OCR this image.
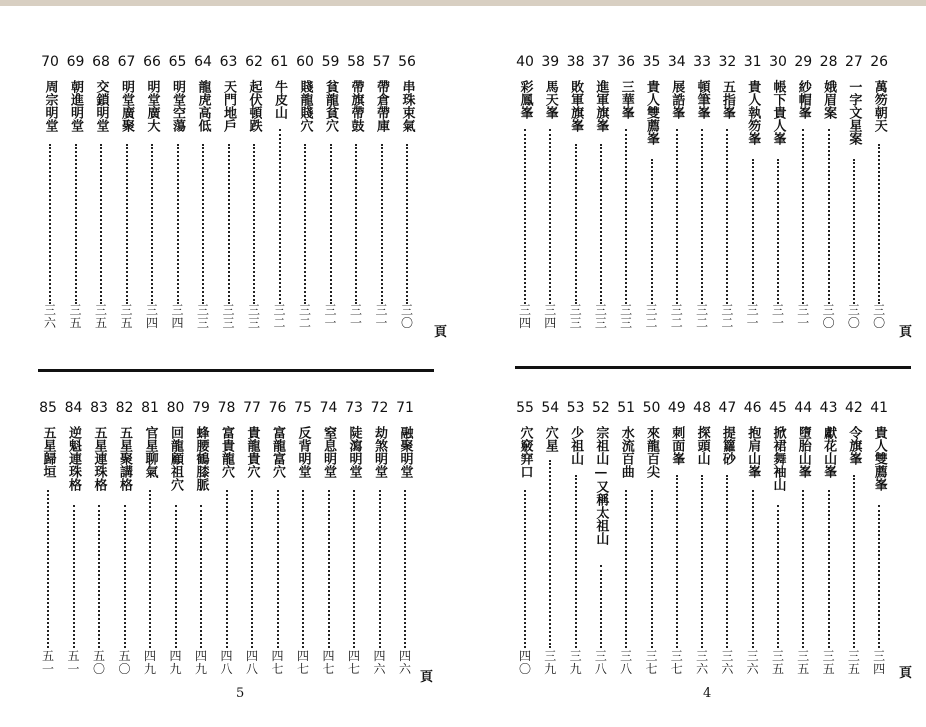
70
周宗明堂
三
六
69
朝進明堂
三
五
68
交鎖明堂
三
五
67
明堂廣聚
三
五
66
明堂廣大
三
四
65
明堂空蕩
三
四
64
龍虎高低
三
三
63
天門地戶
三
三
62
起伏頓跌
三
三
61
牛皮山
三
二
60
賤龍賤穴
三
二
59
貧龍貧穴
三
一
58
帶旗帶鼓
三
一
57
帶倉帶庫
三
一
56
串珠束氣
三
〇
頁
85
五星歸垣
五
一
84
逆魁連珠格
五
一
83
五星連珠格
五
〇
82
五星聚講格
五
〇
81
官星聊氣
四
九
80
回龍顧祖穴
四
九
79
蜂腰鶴膝脈
四
九
78
富貴龍穴
四
八
77
貴龍貴穴
四
八
76
富龍富穴
四
七
75
反背明堂
四
七
74
窒息明堂
四
七
73
陡瀉明堂
四
七
72
劫煞明堂
四
六
71
融聚明堂
四
六
頁
5
40
彩鳳峯
三
四
39
馬天峯
三
四
38
敗軍旗峯
三
三
37
進軍旗峯
三
三
36
三華峯
三
三
35
貴人雙薦峯
三
二
34
展誥峯
三
二
33
頓筆峯
三
二
32
五指峯
三
二
31
貴人執笏峯
三
一
30
帳下貴人峯
三
一
29
紗帽峯
三
一
28
娥眉案
三
〇
27
一字文星案
三
〇
26
萬笏朝天
三
〇
頁
55
穴竅穽口
四
〇
54
穴星
三
九
53
少祖山
三
九
52
宗祖山—又稱太祖山
三
八
51
水流百曲
三
八
50
來龍百尖
三
七
49
刺面峯
三
七
48
探頭山
三
六
47
提籮砂
三
六
46
抱肩山峯
三
六
45
掀裙舞袖山
三
五
44
墮胎山峯
三
五
43
獻花山峯
三
五
42
令旗峯
三
五
41
貴人雙薦峯
三
四 頁
4
